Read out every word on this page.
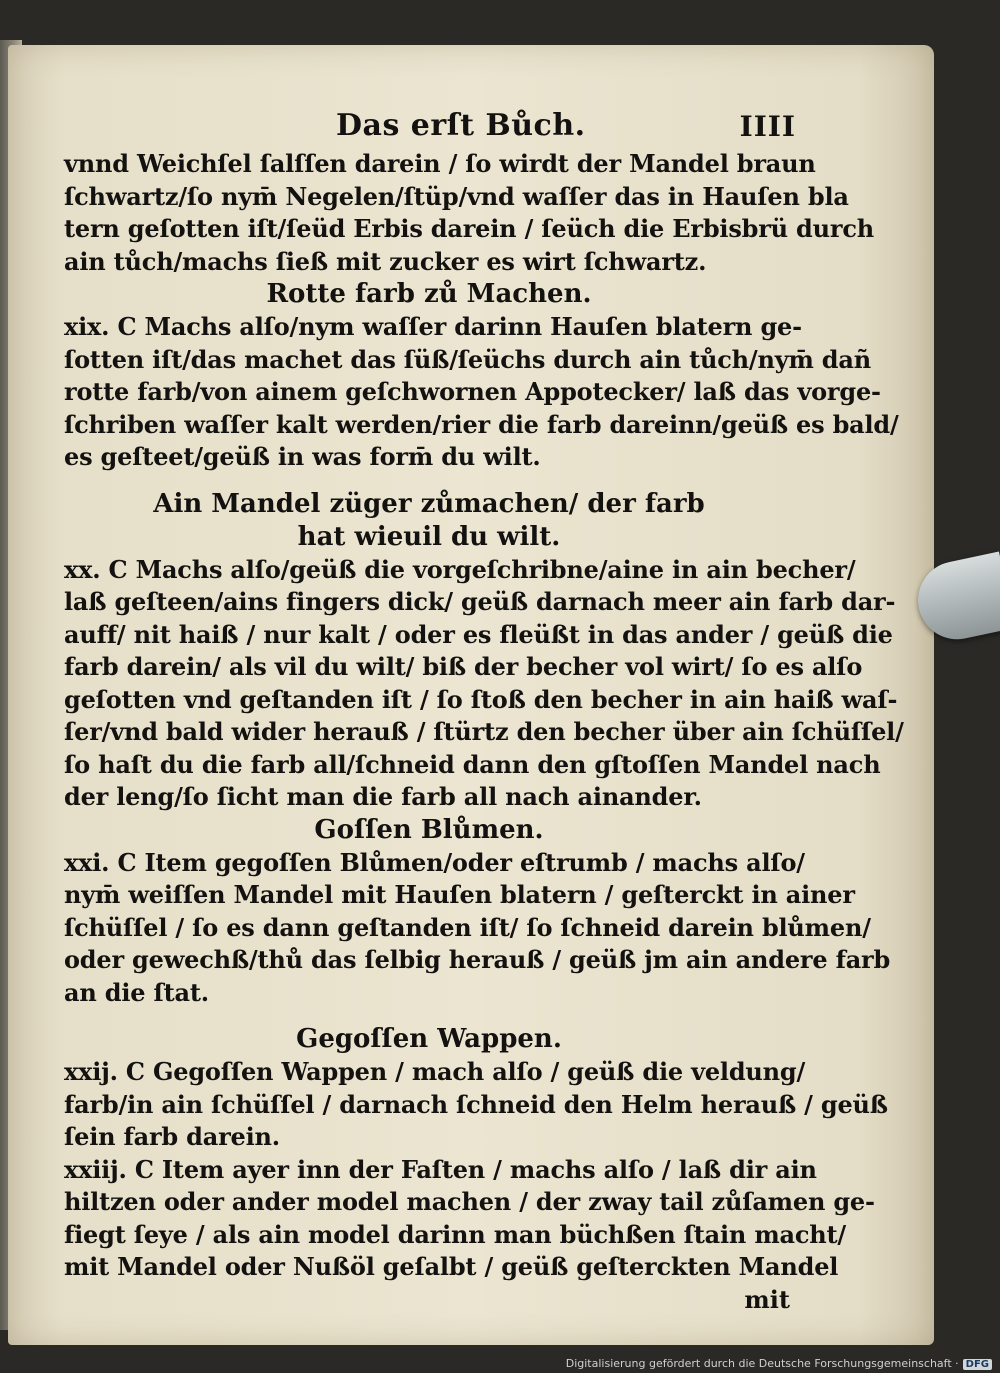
Das erſt Bůch.	IIII

vnnd Weichſel ſalſſen darein / ſo wirdt der Mandel braun

ſchwartz/ſo nym̄ Negelen/ſtüp/vnd waſſer das in Hauſen bla

tern geſotten iſt/ſeüd Erbis darein / ſeüch die Erbisbrü durch

ain tůch/machs ſieß mit zucker es wirt ſchwartz.

Rotte farb zů Machen.

xix. C Machs alſo/nym waſſer darinn Hauſen blatern ge-

ſotten iſt/das machet das ſüß/ſeüchs durch ain tůch/nym̄ dañ

rotte farb/von ainem geſchwornen Appotecker/ laß das vorge-

ſchriben waſſer kalt werden/rier die farb dareinn/geüß es bald/

es geſteet/geüß in was form̄ du wilt.

Ain Mandel züger zůmachen/ der farb

hat wieuil du wilt.

xx. C Machs alſo/geüß die vorgeſchribne/aine in ain becher/

laß geſteen/ains fingers dick/ geüß darnach meer ain farb dar-

auff/ nit haiß / nur kalt / oder es fleüßt in das ander / geüß die

farb darein/ als vil du wilt/ biß der becher vol wirt/ ſo es alſo

geſotten vnd geſtanden iſt / ſo ſtoß den becher in ain haiß waſ-

ſer/vnd bald wider herauß / ſtürtz den becher über ain ſchüſſel/

ſo haſt du die farb all/ſchneid dann den gſtoſſen Mandel nach

der leng/ſo ſicht man die farb all nach ainander.

Goſſen Blůmen.

xxi. C Item gegoſſen Blůmen/oder eſtrumb / machs alſo/

nym̄ weiſſen Mandel mit Hauſen blatern / geſterckt in ainer

ſchüſſel / ſo es dann geſtanden iſt/ ſo ſchneid darein blůmen/

oder gewechß/thů das ſelbig herauß / geüß jm ain andere farb

an die ſtat.

Gegoſſen Wappen.

xxij. C Gegoſſen Wappen / mach alſo / geüß die veldung/

farb/in ain ſchüſſel / darnach ſchneid den Helm herauß / geüß

ſein farb darein.

xxiij. C Item ayer inn der Faſten / machs alſo / laß dir ain

hiltzen oder ander model machen / der zway tail zůſamen ge-

fiegt ſeye / als ain model darinn man büchßen ſtain macht/

mit Mandel oder Nußöl geſalbt / geüß geſterckten Mandel

mit
Digitalisierung gefördert durch die Deutsche Forschungsgemeinschaft · DFG
